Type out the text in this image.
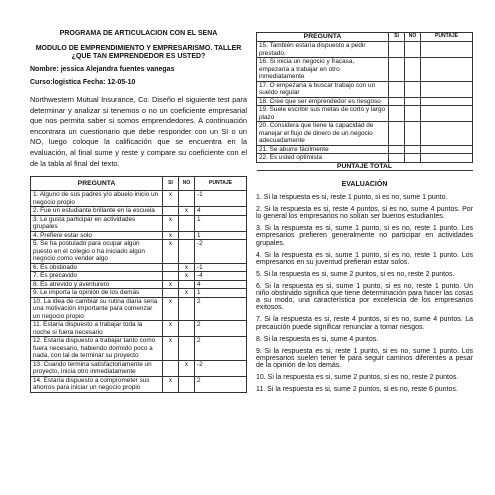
PROGRAMA DE ARTICULACION CON EL SENA
MODULO DE EMPRENDIMIENTO Y EMPRESARISMO. TALLER ¿QUE TAN EMPRENDEDOR ES USTED?
Nombre: jessica Alejandra fuentes vanegas
Curso:logistica Fecha: 12-05-10
Northwestern Mutual Insurance, Co. Diseño el siguiente test para determinar y analizar si tenemos o no un coeficiente empresarial que nos permita saber si somos emprendedores. A continuación encontrara un cuestionario que debe responder con un SI o un NO, luego coloque la calificación que se encuentra en la evaluación, al final sume y reste y compare su coeficiente con el de la tabla al final del texto.
PREGUNTA	SI	NO	PUNTAJE
1. Alguno de sus padres y/o abuelo inicio un negocio propio	x		-1
2. Fue un estudiante brillante en la escuela		x	4
3. Le gusta participar en actividades grupales	x		1
4. Prefiere estar solo	x		1
5. Se ha postulado para ocupar algún puesto en el colegio o ha iniciado algún negocio como vender algo	x		-2
6. Es obstinado		x	-1
7. Es precavido		x	-4
8. Es atrevido y aventurero	x		4
9. Le importa la opinión de los demás		x	1
10. La idea de cambiar su rutina diaria seria una motivación importante para comenzar un negocio propio	x		2
11. Estaría dispuesto a trabajar toda la noche si fuera necesario	x		2
12. Estaría dispuesto a trabajar tanto como fuera necesario, habiendo dormido poco a nada, con tal de terminar su proyecto	x		2
13. Cuando termina satisfactoriamente un proyecto, inicia otro inmediatamente		x	-2
14. Estaría dispuesto a comprometer sus ahorros para iniciar un negocio propio	x		2
PREGUNTA	SI	NO	PUNTAJE
15. También estaría dispuesto a pedir prestado.			
16. Si inicia un negocio y fracasa, empezaría a trabajar en otro inmediatamente			
17. O empezaría a buscar trabajo con un sueldo regular			
18. Cree que ser emprendedor es riesgoso			
19. Suele escribir sus metas de corto y largo plazo			
20. Considera que tiene la capacidad de manejar el flujo de dinero de un negocio adecuadamente			
21. Se aburre fácilmente			
22. Es usted optimista			
PUNTAJE TOTAL			
EVALUACIÓN

1. Si la respuesta es si, reste 1 punto, si es no, sume 1 punto.

2. Si la respuesta es si, reste 4 puntos, si es no, sume 4 puntos. Por lo general los empresarios no solían ser buenos estudiantes.

3. Si la respuesta es si, sume 1 punto, si es no, reste 1 punto. Los empresarios prefieren generalmente no participar en actividades grupales.

4. Si la respuesta es si, sume 1 punto, si es no, reste 1 punto. Los empresarios en su juventud prefieran estar solos.

5. Si la respuesta es si, sume 2 puntos, si es no, reste 2 puntos.

6. Si la respuesta es si, sume 1 punto, si es no, reste 1 punto. Un niño obstinado significa que tiene determinación para hacer las cosas a su modo, una característica por excelencia de los empresarios exitosos.

7. Si la respuesta es si, reste 4 puntos, si es no, sume 4 puntos. La precaución puede significar renunciar a tomar riesgos.

8. Si la respuesta es si, sume 4 puntos.

9. Si la respuesta es si, reste 1 punto, si es no, sume 1 punto. Los empresarios suelen tener fe para seguir caminos diferentes a pesar de la opinión de los demás.

10. Si la respuesta es si, sume 2 puntos, si es no, reste 2 puntos.

11. Si la respuesta es si, sume 2 puntos, si es no, reste 6 puntos.
